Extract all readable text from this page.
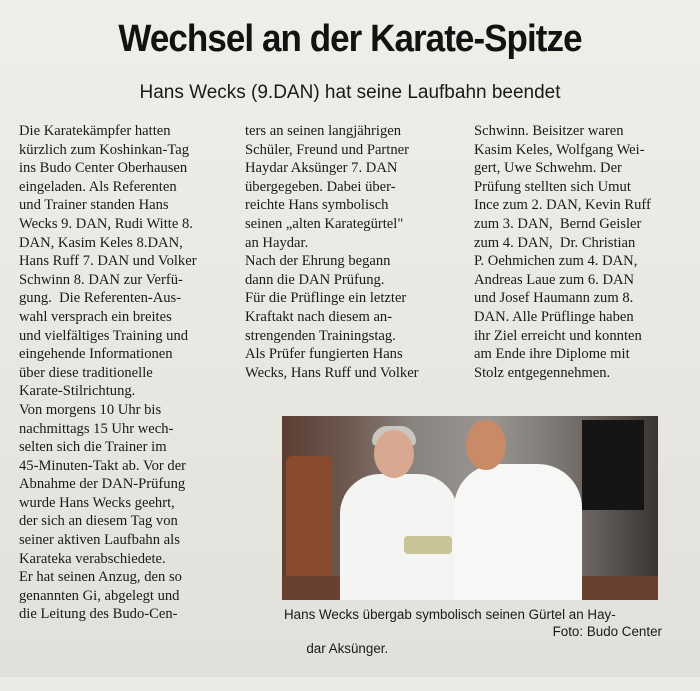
Wechsel an der Karate-Spitze
Hans Wecks (9.DAN) hat seine Laufbahn beendet
Die Karatekämpfer hatten
kürzlich zum Koshinkan-Tag
ins Budo Center Oberhausen
eingeladen. Als Referenten
und Trainer standen Hans
Wecks 9. DAN, Rudi Witte 8.
DAN, Kasim Keles 8.DAN,
Hans Ruff 7. DAN und Volker
Schwinn 8. DAN zur Verfü-
gung.  Die Referenten-Aus-
wahl versprach ein breites
und vielfältiges Training und
eingehende Informationen
über diese traditionelle
Karate-Stilrichtung.
Von morgens 10 Uhr bis
nachmittags 15 Uhr wech-
selten sich die Trainer im
45-Minuten-Takt ab. Vor der
Abnahme der DAN-Prüfung
wurde Hans Wecks geehrt,
der sich an diesem Tag von
seiner aktiven Laufbahn als
Karateka verabschiedete.
Er hat seinen Anzug, den so
genannten Gi, abgelegt und
die Leitung des Budo-Cen-
ters an seinen langjährigen
Schüler, Freund und Partner
Haydar Aksünger 7. DAN
übergegeben. Dabei über-
reichte Hans symbolisch
seinen „alten Karategürtel"
an Haydar.
Nach der Ehrung begann
dann die DAN Prüfung.
Für die Prüflinge ein letzter
Kraftakt nach diesem an-
strengenden Trainingstag.
Als Prüfer fungierten Hans
Wecks, Hans Ruff und Volker
Schwinn. Beisitzer waren
Kasim Keles, Wolfgang Wei-
gert, Uwe Schwehm. Der
Prüfung stellten sich Umut
Ince zum 2. DAN, Kevin Ruff
zum 3. DAN,  Bernd Geisler
zum 4. DAN,  Dr. Christian
P. Oehmichen zum 4. DAN,
Andreas Laue zum 6. DAN
und Josef Haumann zum 8.
DAN. Alle Prüflinge haben
ihr Ziel erreicht und konnten
am Ende ihre Diplome mit
Stolz entgegennehmen.
Hans Wecks übergab symbolisch seinen Gürtel an Hay-

dar Aksünger.

Foto: Budo Center
